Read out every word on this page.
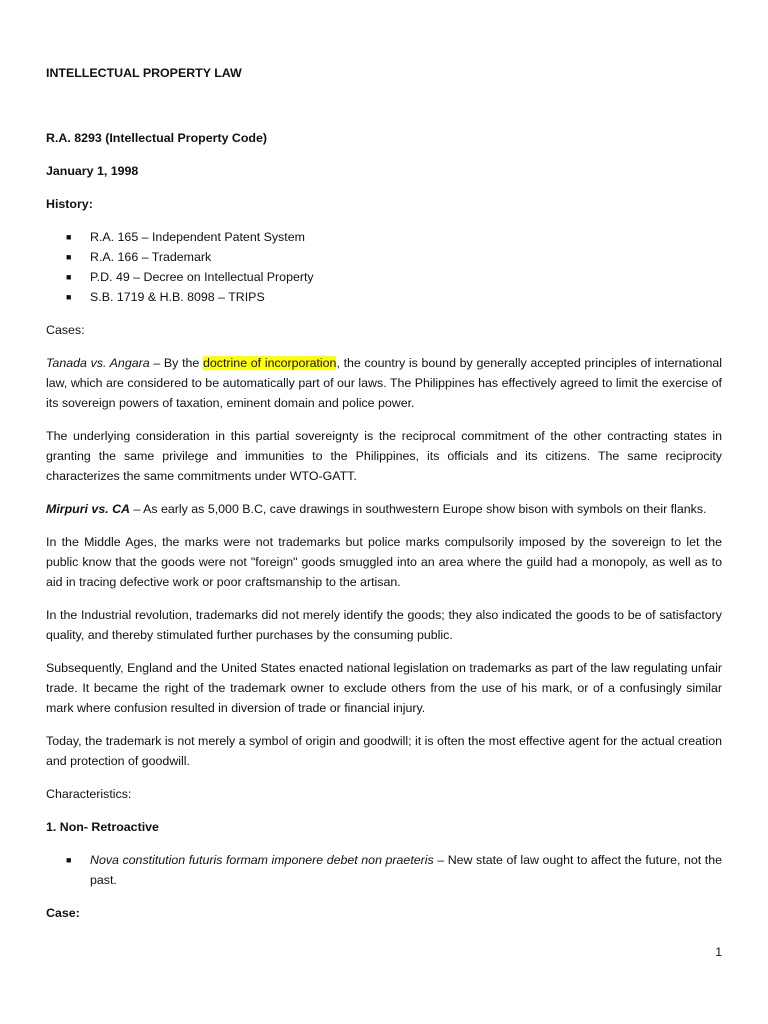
INTELLECTUAL PROPERTY LAW
R.A. 8293 (Intellectual Property Code)
January 1, 1998
History:
■ R.A. 165 – Independent Patent System
■ R.A. 166 – Trademark
■ P.D. 49 – Decree on Intellectual Property
■ S.B. 1719 & H.B. 8098 – TRIPS
Cases:

Tanada vs. Angara – By the doctrine of incorporation, the country is bound by generally accepted principles of international law, which are considered to be automatically part of our laws. The Philippines has effectively agreed to limit the exercise of its sovereign powers of taxation, eminent domain and police power.

The underlying consideration in this partial sovereignty is the reciprocal commitment of the other contracting states in granting the same privilege and immunities to the Philippines, its officials and its citizens. The same reciprocity characterizes the same commitments under WTO-GATT.

Mirpuri vs. CA – As early as 5,000 B.C, cave drawings in southwestern Europe show bison with symbols on their flanks.

In the Middle Ages, the marks were not trademarks but police marks compulsorily imposed by the sovereign to let the public know that the goods were not "foreign" goods smuggled into an area where the guild had a monopoly, as well as to aid in tracing defective work or poor craftsmanship to the artisan.

In the Industrial revolution, trademarks did not merely identify the goods; they also indicated the goods to be of satisfactory quality, and thereby stimulated further purchases by the consuming public.

Subsequently, England and the United States enacted national legislation on trademarks as part of the law regulating unfair trade. It became the right of the trademark owner to exclude others from the use of his mark, or of a confusingly similar mark where confusion resulted in diversion of trade or financial injury.

Today, the trademark is not merely a symbol of origin and goodwill; it is often the most effective agent for the actual creation and protection of goodwill.

Characteristics:
1. Non- Retroactive
■ Nova constitution futuris formam imponere debet non praeteris – New state of law ought to affect the future, not the past.
Case:
1
